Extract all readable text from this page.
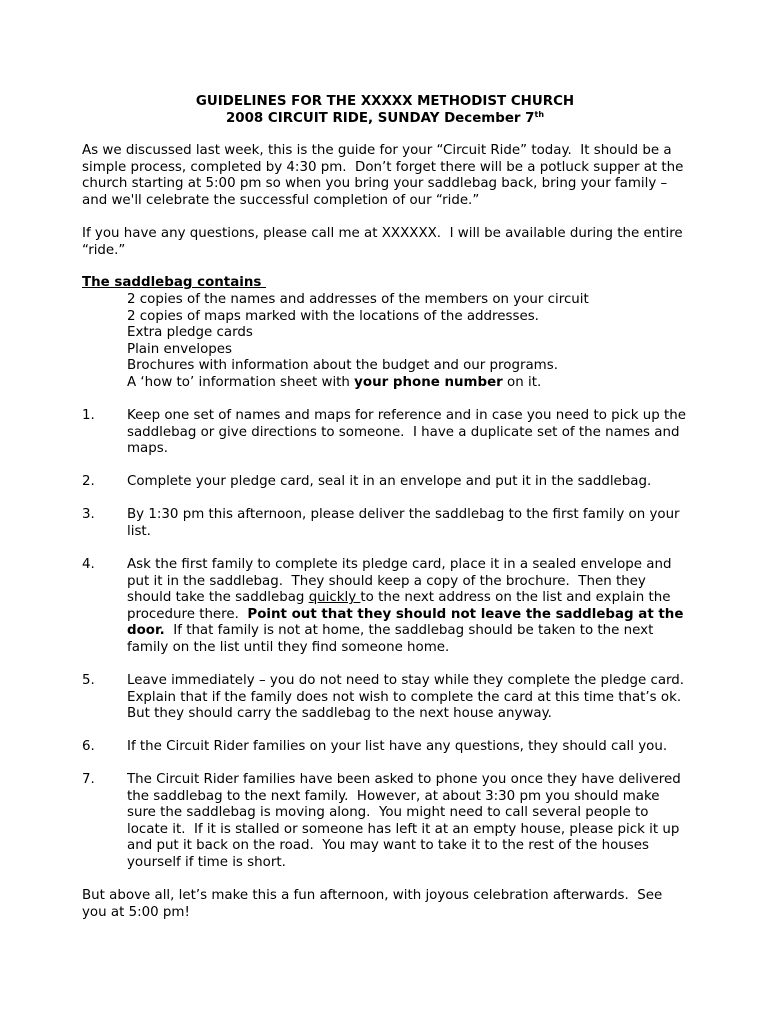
GUIDELINES FOR THE XXXXX METHODIST CHURCH
2008 CIRCUIT RIDE, SUNDAY December 7th
As we discussed last week, this is the guide for your “Circuit Ride” today.  It should be a
simple process, completed by 4:30 pm.  Don’t forget there will be a potluck supper at the
church starting at 5:00 pm so when you bring your saddlebag back, bring your family –
and we'll celebrate the successful completion of our “ride.”
If you have any questions, please call me at XXXXXX.  I will be available during the entire
“ride.”
The saddlebag contains
2 copies of the names and addresses of the members on your circuit
2 copies of maps marked with the locations of the addresses.
Extra pledge cards
Plain envelopes
Brochures with information about the budget and our programs.
A ‘how to’ information sheet with your phone number on it.
1. Keep one set of names and maps for reference and in case you need to pick up the
saddlebag or give directions to someone.  I have a duplicate set of the names and
maps.
2. Complete your pledge card, seal it in an envelope and put it in the saddlebag.
3. By 1:30 pm this afternoon, please deliver the saddlebag to the first family on your
list.
4. Ask the first family to complete its pledge card, place it in a sealed envelope and
put it in the saddlebag.  They should keep a copy of the brochure.  Then they
should take the saddlebag quickly to the next address on the list and explain the
procedure there.  Point out that they should not leave the saddlebag at the
door.  If that family is not at home, the saddlebag should be taken to the next
family on the list until they find someone home.
5. Leave immediately – you do not need to stay while they complete the pledge card.
Explain that if the family does not wish to complete the card at this time that’s ok.
But they should carry the saddlebag to the next house anyway.
6. If the Circuit Rider families on your list have any questions, they should call you.
7. The Circuit Rider families have been asked to phone you once they have delivered
the saddlebag to the next family.  However, at about 3:30 pm you should make
sure the saddlebag is moving along.  You might need to call several people to
locate it.  If it is stalled or someone has left it at an empty house, please pick it up
and put it back on the road.  You may want to take it to the rest of the houses
yourself if time is short.
But above all, let’s make this a fun afternoon, with joyous celebration afterwards.  See
you at 5:00 pm!
